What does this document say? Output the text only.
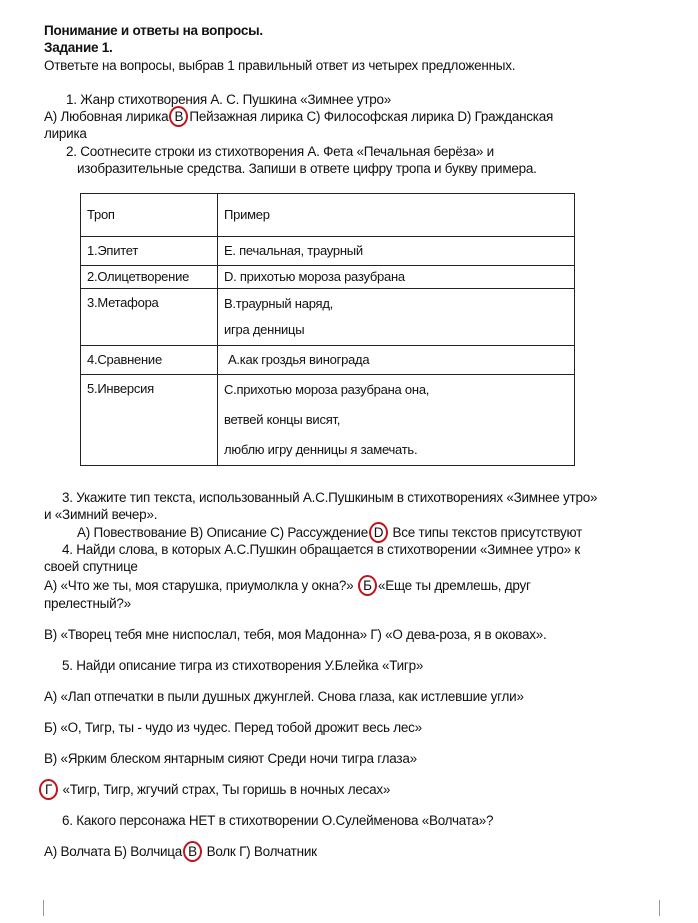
Понимание и ответы на вопросы.
Задание 1.
Ответьте на вопросы, выбрав 1 правильный ответ из четырех предложенных.
1. Жанр стихотворения А. С. Пушкина «Зимнее утро»
А) Любовная лирика В Пейзажная лирика С) Философская лирика D) Гражданская
лирика
2. Соотнесите строки из стихотворения А. Фета «Печальная берёза» и
изобразительные средства. Запиши в ответе цифру тропа и букву примера.
Троп	Пример
1.Эпитет	Е. печальная, траурный
2.Олицетворение	D. прихотью мороза разубрана
3.Метафора	В.траурный наряд,

игра денницы

4.Сравнение	А.как гроздья винограда
5.Инверсия	С.прихотью мороза разубрана она,

ветвей концы висят,

люблю игру денницы я замечать.

3. Укажите тип текста, использованный А.С.Пушкиным в стихотворениях «Зимнее утро»
и «Зимний вечер».
А) Повествование В) Описание С) Рассуждение D Все типы текстов присутствуют
4. Найди слова, в которых А.С.Пушкин обращается в стихотворении «Зимнее утро» к
своей спутнице
А) «Что же ты, моя старушка, приумолкла у окна?» Б «Еще ты дремлешь, друг
прелестный?»
В) «Творец тебя мне ниспослал, тебя, моя Мадонна» Г) «О дева-роза, я в оковах».
5. Найди описание тигра из стихотворения У.Блейка «Тигр»
А) «Лап отпечатки в пыли душных джунглей. Снова глаза, как истлевшие угли»
Б) «О, Тигр, ты - чудо из чудес. Перед тобой дрожит весь лес»
В) «Ярким блеском янтарным сияют Среди ночи тигра глаза»
Г «Тигр, Тигр, жгучий страх, Ты горишь в ночных лесах»
6. Какого персонажа НЕТ в стихотворении О.Сулейменова «Волчата»?
А) Волчата Б) Волчица В Волк Г) Волчатник
